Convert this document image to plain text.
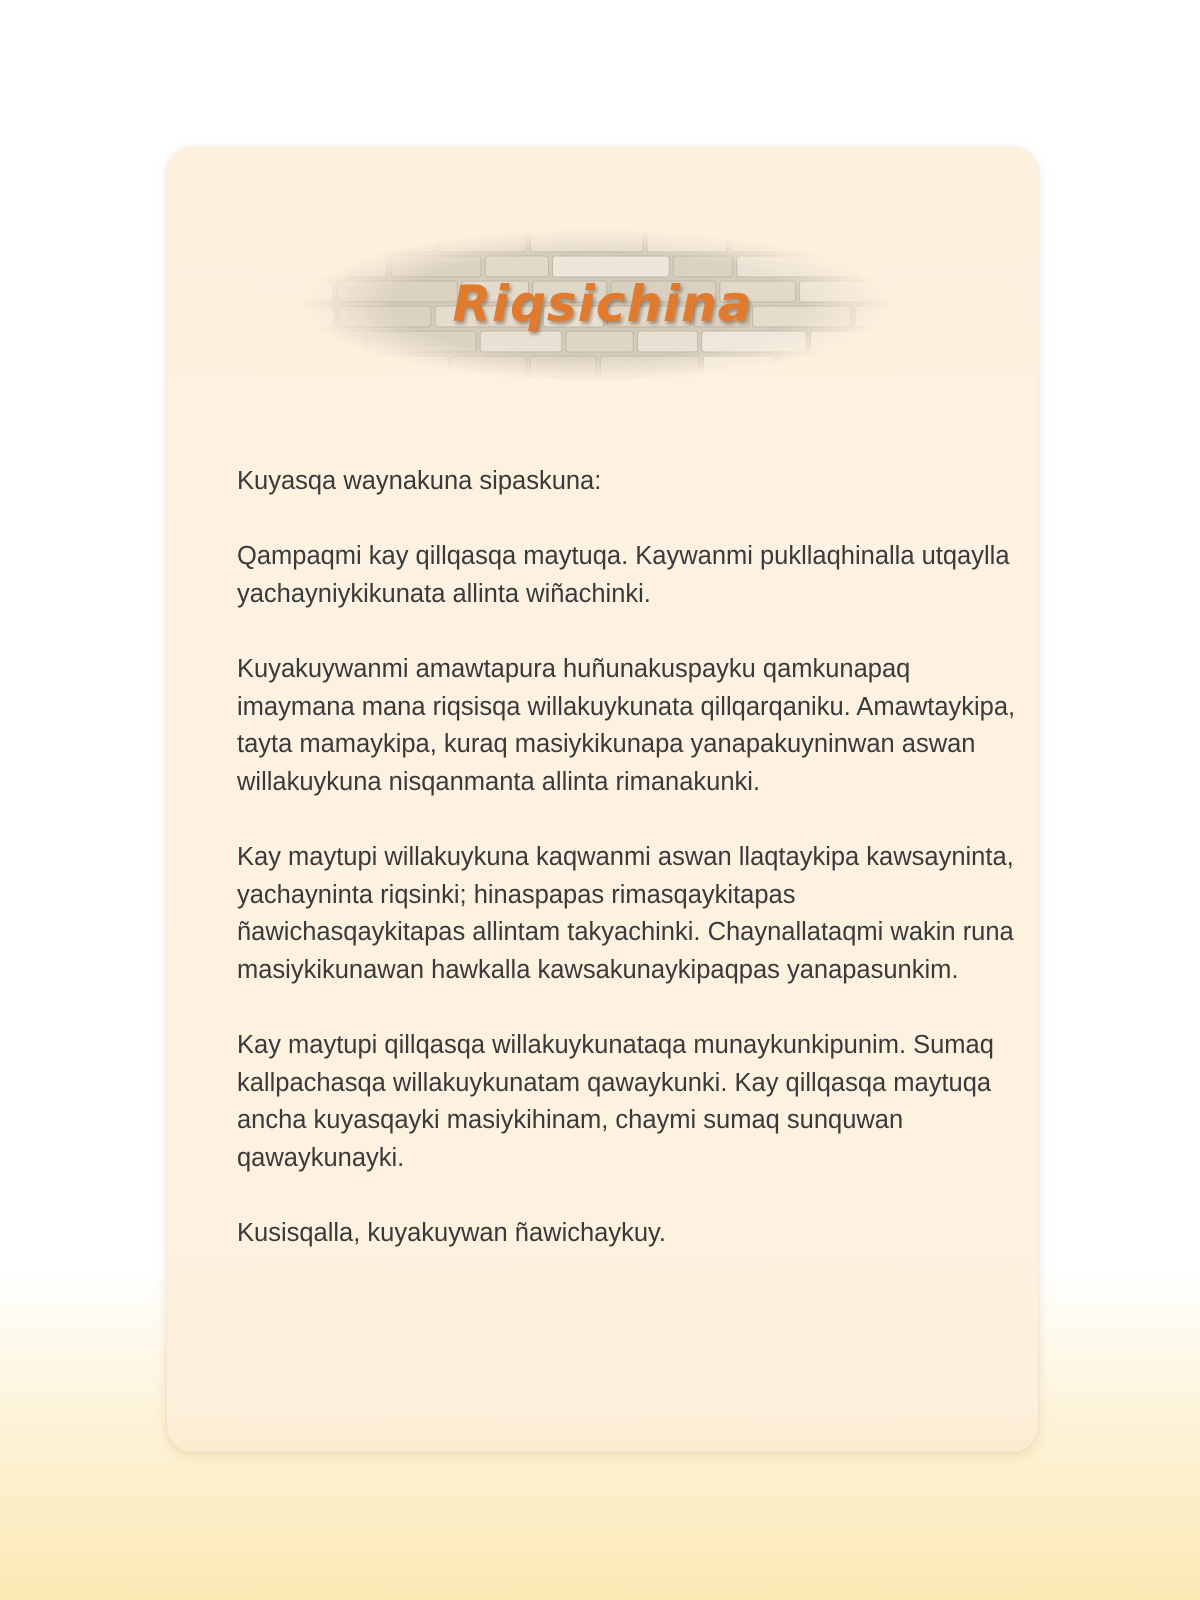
Riqsichina

Kuyasqa waynakuna sipaskuna:

Qampaqmi kay qillqasqa maytuqa. Kaywanmi pukllaqhinalla utqaylla yachayniykikunata allinta wiñachinki.

Kuyakuywanmi amawtapura huñunakuspayku qamkunapaq imaymana mana riqsisqa willakuykunata qillqarqaniku. Amawtaykipa, tayta mamaykipa, kuraq masiykikunapa yanapakuyninwan aswan willakuykuna nisqanmanta allinta rimanakunki.

Kay maytupi willakuykuna kaqwanmi aswan llaqtaykipa kawsayninta, yachayninta riqsinki; hinaspapas rimasqaykitapas ñawichasqaykitapas allintam takyachinki. Chaynallataqmi wakin runa masiykikunawan hawkalla kawsakunaykipaqpas yanapasunkim.

Kay maytupi qillqasqa willakuykunataqa munaykunkipunim. Sumaq kallpachasqa willakuykunatam qawaykunki. Kay qillqasqa maytuqa ancha kuyasqayki masiykihinam, chaymi sumaq sunquwan qawaykunayki.

Kusisqalla, kuyakuywan ñawichaykuy.
